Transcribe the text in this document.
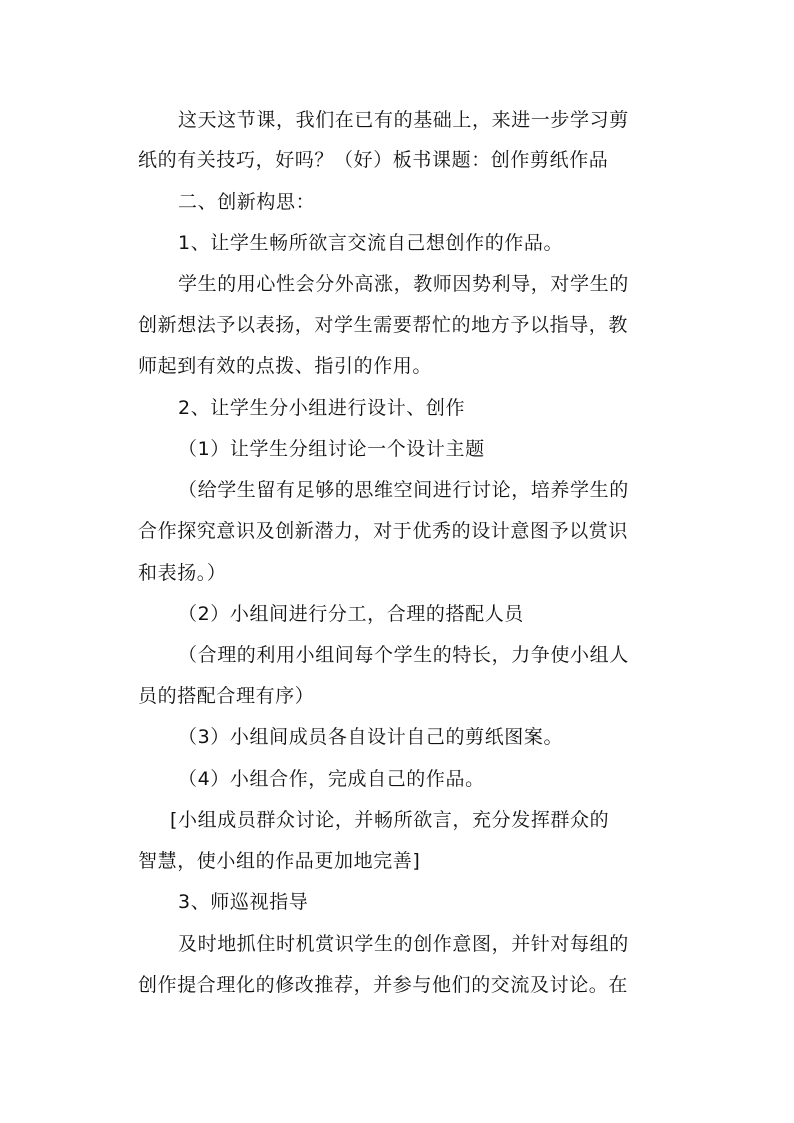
这天这节课，我们在已有的基础上，来进一步学习剪
纸的有关技巧，好吗？（好）板书课题：创作剪纸作品
二、创新构思：
1、让学生畅所欲言交流自己想创作的作品。
学生的用心性会分外高涨，教师因势利导，对学生的
创新想法予以表扬，对学生需要帮忙的地方予以指导，教
师起到有效的点拨、指引的作用。
2、让学生分小组进行设计、创作
（1）让学生分组讨论一个设计主题
（给学生留有足够的思维空间进行讨论，培养学生的
合作探究意识及创新潜力，对于优秀的设计意图予以赏识
和表扬。）
（2）小组间进行分工，合理的搭配人员
（合理的利用小组间每个学生的特长，力争使小组人
员的搭配合理有序）
（3）小组间成员各自设计自己的剪纸图案。
（4）小组合作，完成自己的作品。
[小组成员群众讨论，并畅所欲言，充分发挥群众的
智慧，使小组的作品更加地完善]
3、师巡视指导
及时地抓住时机赏识学生的创作意图，并针对每组的
创作提合理化的修改推荐，并参与他们的交流及讨论。在
